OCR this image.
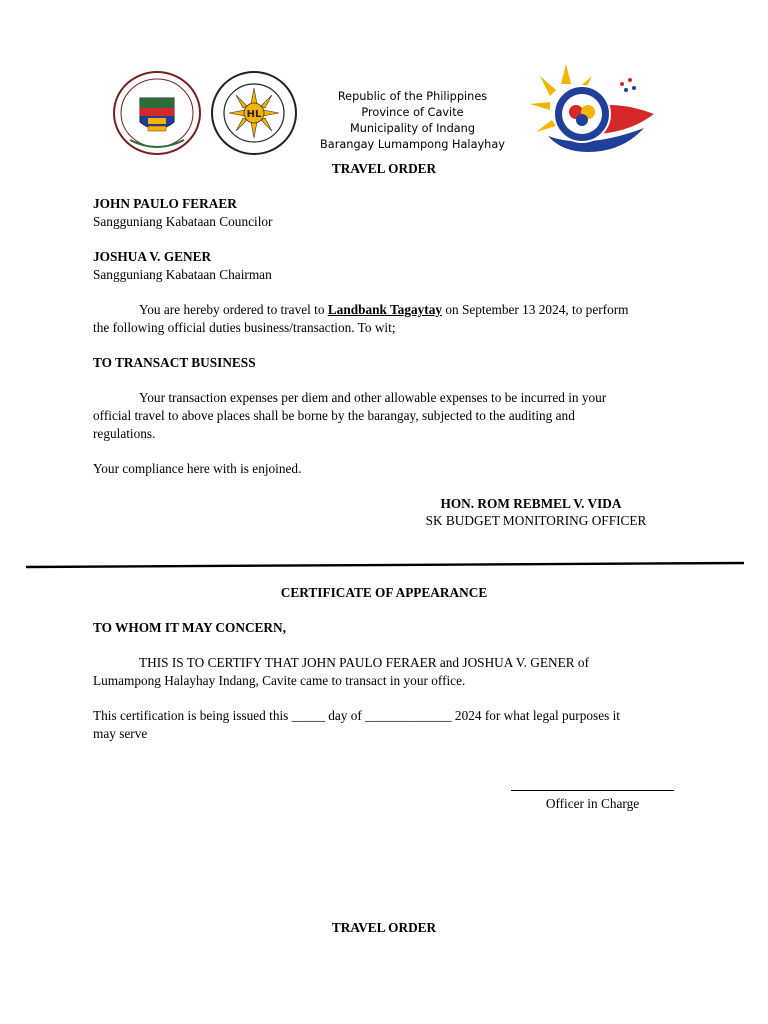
HL
Republic of the Philippines
Province of Cavite
Municipality of Indang
Barangay Lumampong Halayhay
TRAVEL ORDER
JOHN PAULO FERAER
Sangguniang Kabataan Councilor
JOSHUA V. GENER
Sangguniang Kabataan Chairman
You are hereby ordered to travel to Landbank Tagaytay on September 13 2024, to perform
the following official duties business/transaction. To wit;
TO TRANSACT BUSINESS
Your transaction expenses per diem and other allowable expenses to be incurred in your
official travel to above places shall be borne by the barangay, subjected to the auditing and
regulations.
Your compliance here with is enjoined.
HON. ROM REBMEL V. VIDA
SK BUDGET MONITORING OFFICER
CERTIFICATE OF APPEARANCE
TO WHOM IT MAY CONCERN,
THIS IS TO CERTIFY THAT JOHN PAULO FERAER and JOSHUA V. GENER of
Lumampong Halayhay Indang, Cavite came to transact in your office.
This certification is being issued this _____ day of _____________ 2024 for what legal purposes it
may serve
Officer in Charge
TRAVEL ORDER
